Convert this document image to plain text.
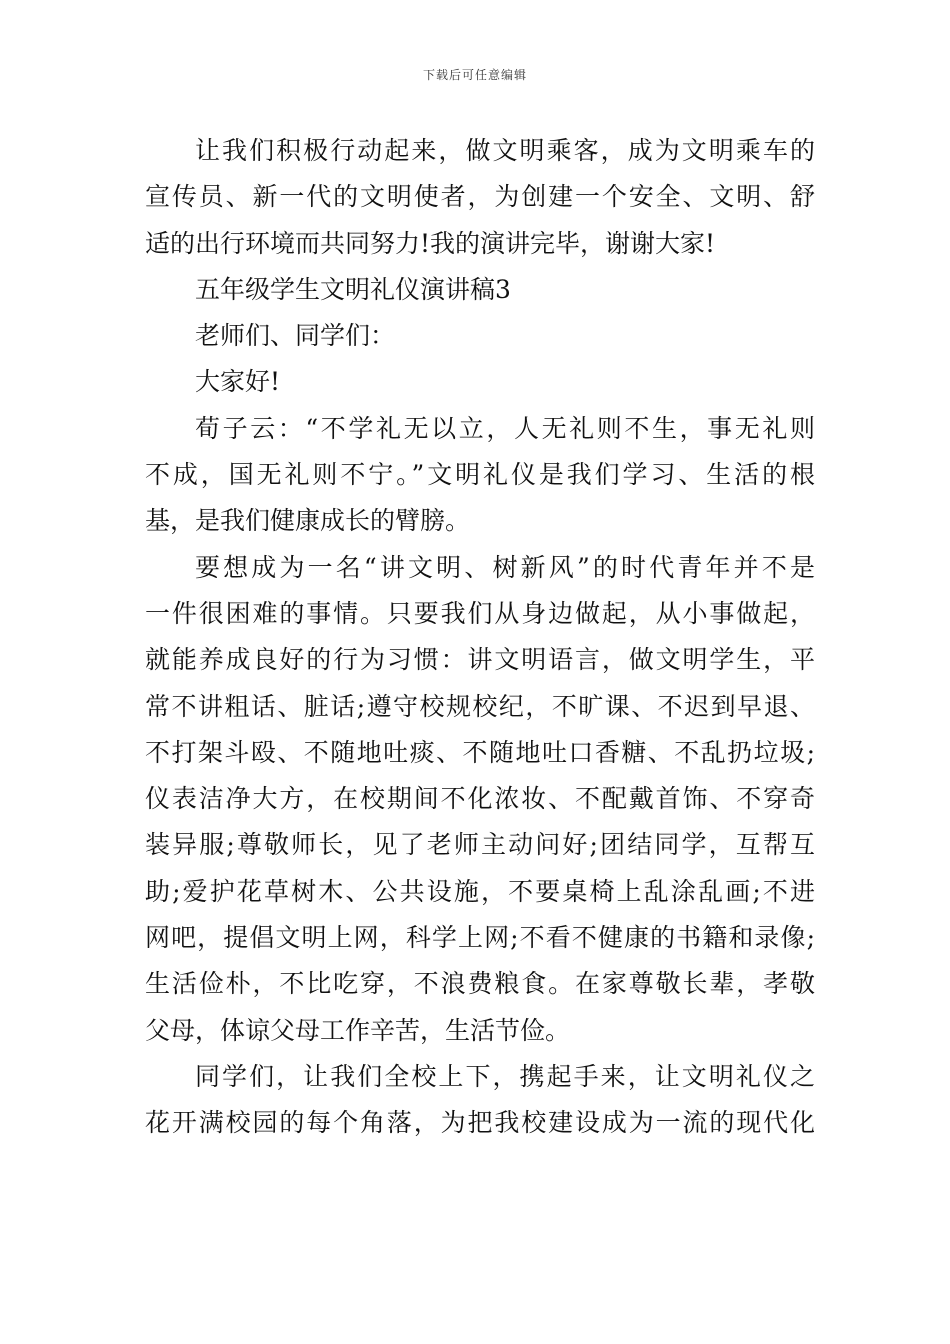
下载后可任意编辑
让我们积极行动起来，做文明乘客，成为文明乘车的
宣传员、新一代的文明使者，为创建一个安全、文明、舒
适的出行环境而共同努力!我的演讲完毕，谢谢大家!
五年级学生文明礼仪演讲稿3
老师们、同学们：
大家好!
荀子云：“不学礼无以立，人无礼则不生，事无礼则
不成，国无礼则不宁。”文明礼仪是我们学习、生活的根
基，是我们健康成长的臂膀。
要想成为一名“讲文明、树新风”的时代青年并不是
一件很困难的事情。只要我们从身边做起，从小事做起，
就能养成良好的行为习惯：讲文明语言，做文明学生，平
常不讲粗话、脏话;遵守校规校纪，不旷课、不迟到早退、
不打架斗殴、不随地吐痰、不随地吐口香糖、不乱扔垃圾;
仪表洁净大方，在校期间不化浓妆、不配戴首饰、不穿奇
装异服;尊敬师长，见了老师主动问好;团结同学，互帮互
助;爱护花草树木、公共设施，不要桌椅上乱涂乱画;不进
网吧，提倡文明上网，科学上网;不看不健康的书籍和录像;
生活俭朴，不比吃穿，不浪费粮食。在家尊敬长辈，孝敬
父母，体谅父母工作辛苦，生活节俭。
同学们，让我们全校上下，携起手来，让文明礼仪之
花开满校园的每个角落，为把我校建设成为一流的现代化
